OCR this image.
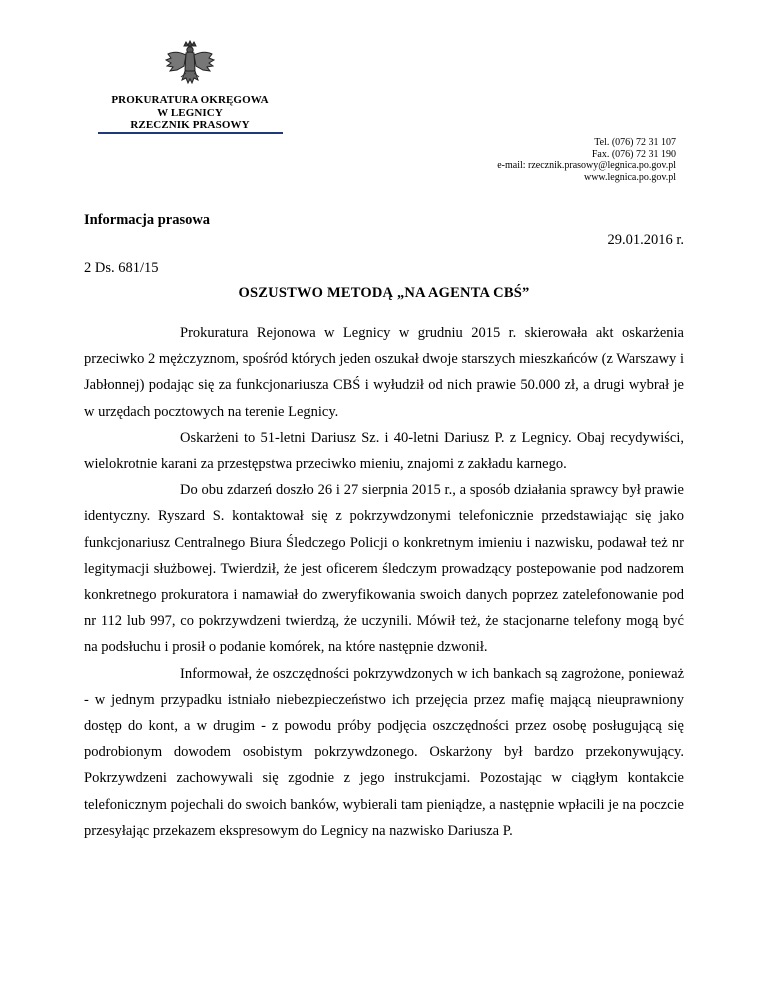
PROKURATURA OKRĘGOWA
W LEGNICY
RZECZNIK PRASOWY
Tel. (076) 72 31 107
Fax. (076) 72 31 190
e-mail: rzecznik.prasowy@legnica.po.gov.pl
www.legnica.po.gov.pl
Informacja prasowa
29.01.2016 r.
2 Ds. 681/15
OSZUSTWO METODĄ „NA AGENTA CBŚ”

Prokuratura Rejonowa w Legnicy w grudniu 2015 r. skierowała akt oskarżenia przeciwko 2 mężczyznom, spośród których jeden oszukał dwoje starszych mieszkańców (z Warszawy i Jabłonnej) podając się za funkcjonariusza CBŚ i wyłudził od nich prawie 50.000 zł, a drugi wybrał je w urzędach pocztowych na terenie Legnicy.

Oskarżeni to 51-letni Dariusz Sz. i 40-letni Dariusz P. z Legnicy. Obaj recydywiści, wielokrotnie karani za przestępstwa przeciwko mieniu, znajomi z zakładu karnego.

Do obu zdarzeń doszło 26 i 27 sierpnia 2015 r., a sposób działania sprawcy był prawie identyczny. Ryszard S. kontaktował się z pokrzywdzonymi telefonicznie przedstawiając się jako funkcjonariusz Centralnego Biura Śledczego Policji o konkretnym imieniu i nazwisku, podawał też nr legitymacji służbowej. Twierdził, że jest oficerem śledczym prowadzący postepowanie pod nadzorem konkretnego prokuratora i namawiał do zweryfikowania swoich danych poprzez zatelefonowanie pod nr 112 lub 997, co pokrzywdzeni twierdzą, że uczynili. Mówił też, że stacjonarne telefony mogą być na podsłuchu i prosił o podanie komórek, na które następnie dzwonił.

Informował, że oszczędności pokrzywdzonych w ich bankach są zagrożone, ponieważ - w jednym przypadku istniało niebezpieczeństwo ich przejęcia przez mafię mającą nieuprawniony dostęp do kont, a w drugim - z powodu próby podjęcia oszczędności przez osobę posługującą się podrobionym dowodem osobistym pokrzywdzonego. Oskarżony był bardzo przekonywujący. Pokrzywdzeni zachowywali się zgodnie z jego instrukcjami. Pozostając w ciągłym kontakcie telefonicznym pojechali do swoich banków, wybierali tam pieniądze, a następnie wpłacili je na poczcie przesyłając przekazem ekspresowym do Legnicy na nazwisko Dariusza P.
